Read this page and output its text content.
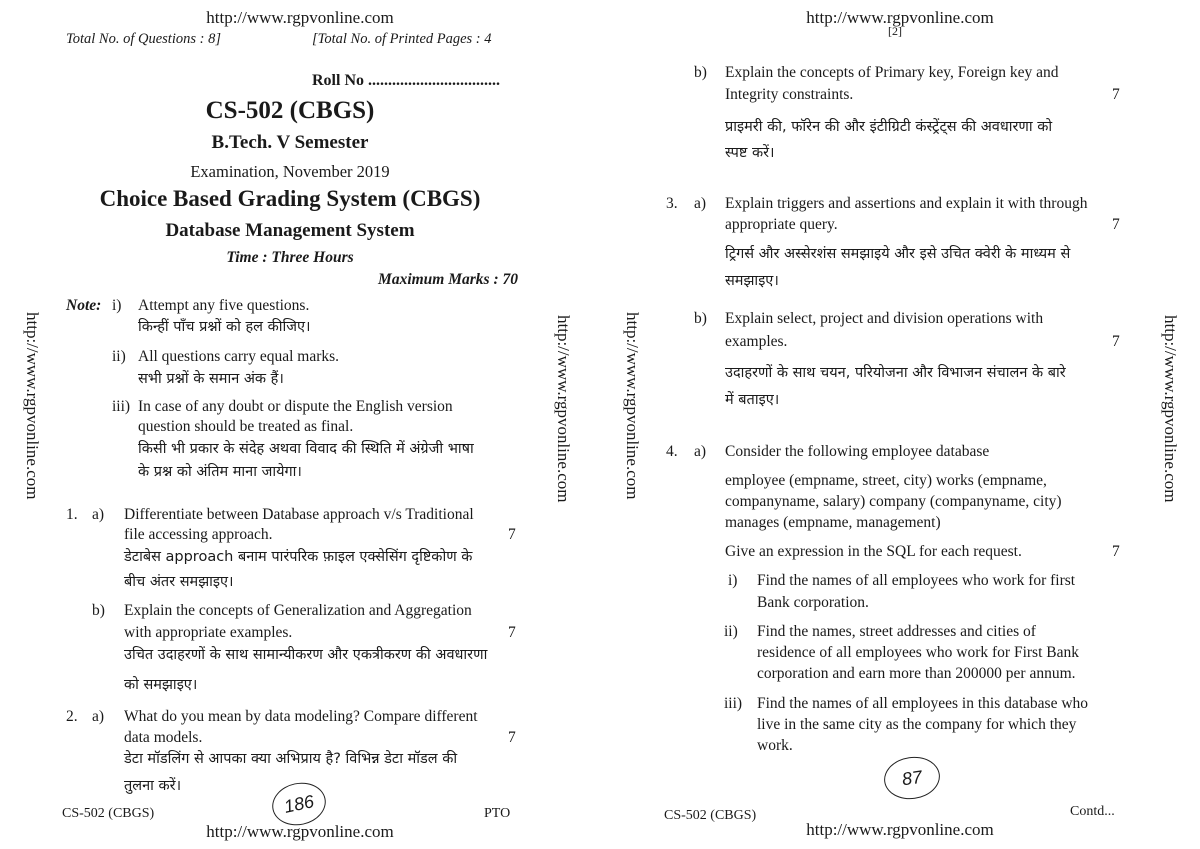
http://www.rgpvonline.com
Total No. of Questions : 8]	[Total No. of Printed Pages : 4
Roll No .................................
CS-502 (CBGS)
B.Tech. V Semester
Examination, November 2019
Choice Based Grading System (CBGS)
Database Management System
Time : Three Hours
Maximum Marks : 70
Note: i) Attempt any five questions.
किन्हीं पाँच प्रश्नों को हल कीजिए।
ii) All questions carry equal marks.
सभी प्रश्नों के समान अंक हैं।
iii) In case of any doubt or dispute the English version
question should be treated as final.
किसी भी प्रकार के संदेह अथवा विवाद की स्थिति में अंग्रेजी भाषा
के प्रश्न को अंतिम माना जायेगा।
1. a) Differentiate between Database approach v/s Traditional
file accessing approach.	7
डेटाबेस approach बनाम पारंपरिक फ़ाइल एक्सेसिंग दृष्टिकोण के
बीच अंतर समझाइए।
b) Explain the concepts of Generalization and Aggregation
with appropriate examples.	7
उचित उदाहरणों के साथ सामान्यीकरण और एकत्रीकरण की अवधारणा
को समझाइए।
2. a) What do you mean by data modeling? Compare different
data models.	7
डेटा मॉडलिंग से आपका क्या अभिप्राय है? विभिन्न डेटा मॉडल की
तुलना करें।
CS-502 (CBGS)	PTO
http://www.rgpvonline.com
186
http://www.rgpvonline.com	http://www.rgpvonline.com
http://www.rgpvonline.com
[2]
b) Explain the concepts of Primary key, Foreign key and
Integrity constraints.	7
प्राइमरी की, फॉरेन की और इंटीग्रिटी कंस्ट्रेंट्स की अवधारणा को
स्पष्ट करें।
3. a) Explain triggers and assertions and explain it with through
appropriate query.	7
ट्रिगर्स और अस्सेरशंस समझाइये और इसे उचित क्वेरी के माध्यम से
समझाइए।
b) Explain select, project and division operations with
examples.	7
उदाहरणों के साथ चयन, परियोजना और विभाजन संचालन के बारे
में बताइए।
4. a) Consider the following employee database
employee (empname, street, city) works (empname,
companyname, salary) company (companyname, city)
manages (empname, management)
Give an expression in the SQL for each request.	7
i) Find the names of all employees who work for first
Bank corporation.
ii) Find the names, street addresses and cities of
residence of all employees who work for First Bank
corporation and earn more than 200000 per annum.
iii) Find the names of all employees in this database who
live in the same city as the company for which they
work.
CS-502 (CBGS)	Contd...
http://www.rgpvonline.com
87
http://www.rgpvonline.com	http://www.rgpvonline.com
